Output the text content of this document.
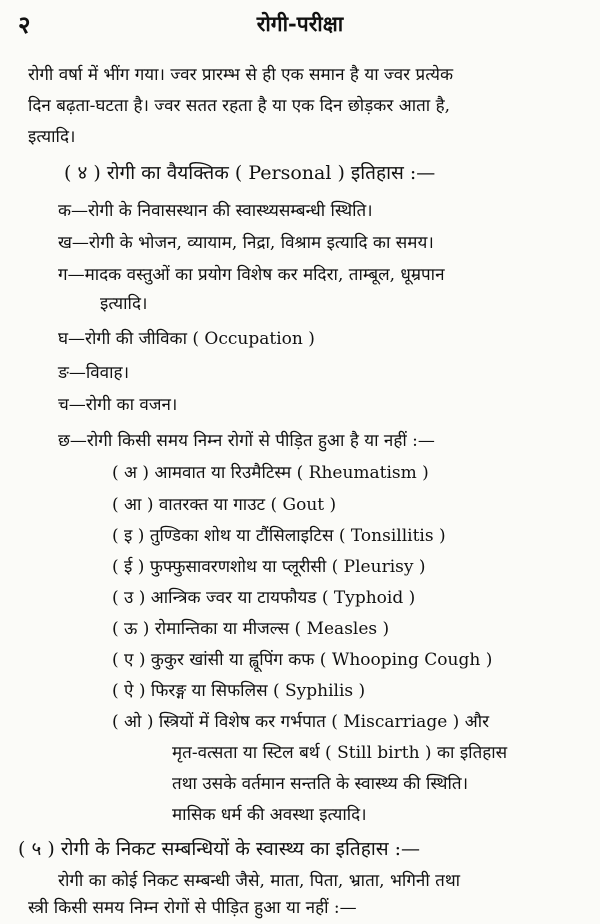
२	रोगी-परीक्षा
रोगी वर्षा में भींग गया। ज्वर प्रारम्भ से ही एक समान है या ज्वर प्रत्येक
दिन बढ़ता-घटता है। ज्वर सतत रहता है या एक दिन छोड़कर आता है,
इत्यादि।
( ४ ) रोगी का वैयक्तिक ( Personal ) इतिहास :—
क—रोगी के निवासस्थान की स्वास्थ्यसम्बन्धी स्थिति।
ख—रोगी के भोजन, व्यायाम, निद्रा, विश्राम इत्यादि का समय।
ग—मादक वस्तुओं का प्रयोग विशेष कर मदिरा, ताम्बूल, धूम्रपान
इत्यादि।
घ—रोगी की जीविका ( Occupation )
ङ—विवाह।
च—रोगी का वजन।
छ—रोगी किसी समय निम्न रोगों से पीड़ित हुआ है या नहीं :—
( अ ) आमवात या रिउमैटिस्म ( Rheumatism )
( आ ) वातरक्त या गाउट ( Gout )
( इ ) तुण्डिका शोथ या टौंसिलाइटिस ( Tonsillitis )
( ई ) फुफ्फुसावरणशोथ या प्लूरीसी ( Pleurisy )
( उ ) आन्त्रिक ज्वर या टायफौयड ( Typhoid )
( ऊ ) रोमान्तिका या मीजल्स ( Measles )
( ए ) कुकुर खांसी या ह्वूपिंग कफ ( Whooping Cough )
( ऐ ) फिरङ्ग या सिफलिस ( Syphilis )
( ओ ) स्त्रियों में विशेष कर गर्भपात ( Miscarriage ) और
मृत-वत्सता या स्टिल बर्थ ( Still birth ) का इतिहास
तथा उसके वर्तमान सन्तति के स्वास्थ्य की स्थिति।
मासिक धर्म की अवस्था इत्यादि।
( ५ ) रोगी के निकट सम्बन्धियों के स्वास्थ्य का इतिहास :—
रोगी का कोई निकट सम्बन्धी जैसे, माता, पिता, भ्राता, भगिनी तथा
स्त्री किसी समय निम्न रोगों से पीड़ित हुआ या नहीं :—
